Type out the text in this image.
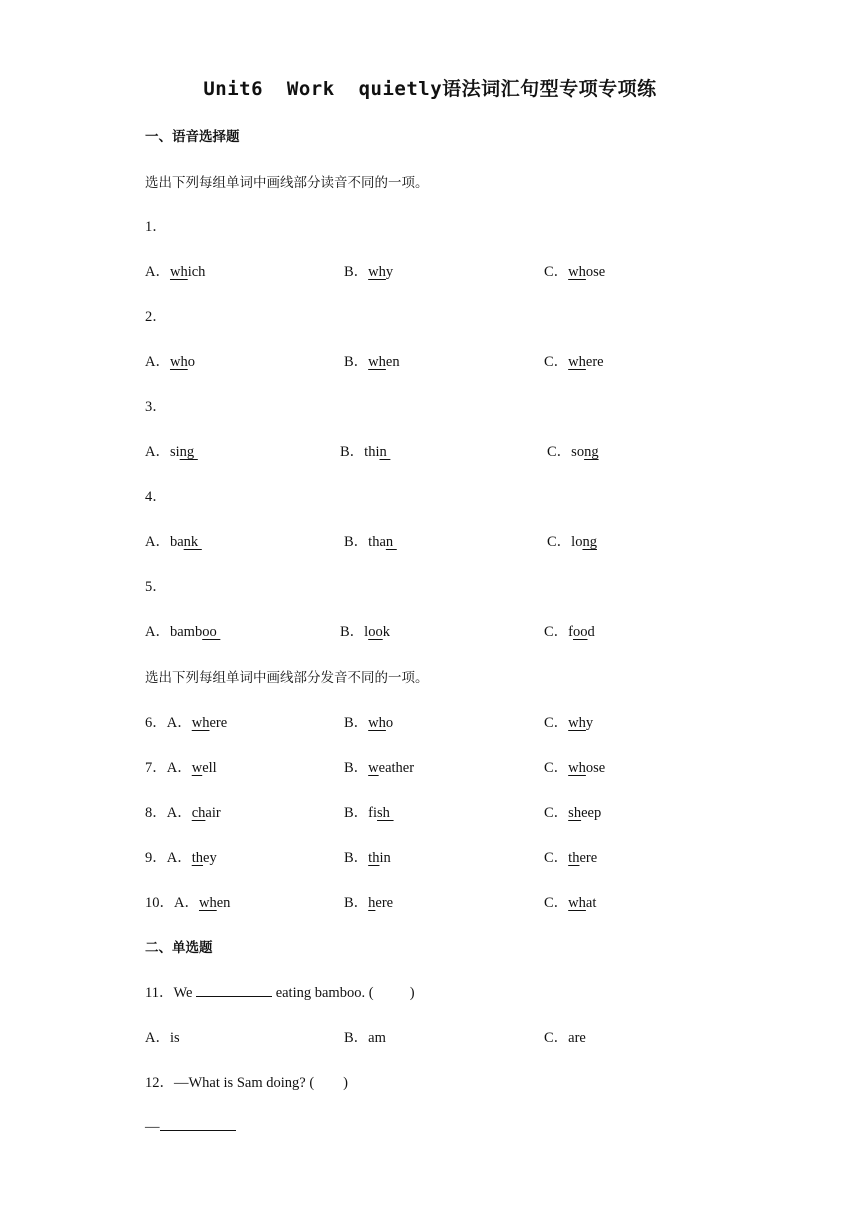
Unit6  Work  quietly语法词汇句型专项专项练
一、语音选择题
选出下列每组单词中画线部分读音不同的一项。
1．
A．which	B．why	C．whose
2．
A．who	B．when	C．where
3．
A．sing	B．thin	C．song
4．
A．bank	B．than	C．long
5．
A．bamboo	B．look	C．food
选出下列每组单词中画线部分发音不同的一项。
6．A．where	B．who	C．why
7．A．well	B．weather	C．whose
8．A．chair	B．fish	C．sheep
9．A．they	B．thin	C．there
10．A．when	B．here	C．what
二、单选题
11．We	eating bamboo. (          )
A．is	B．am	C．are
12．—What is Sam doing? (        )
—
